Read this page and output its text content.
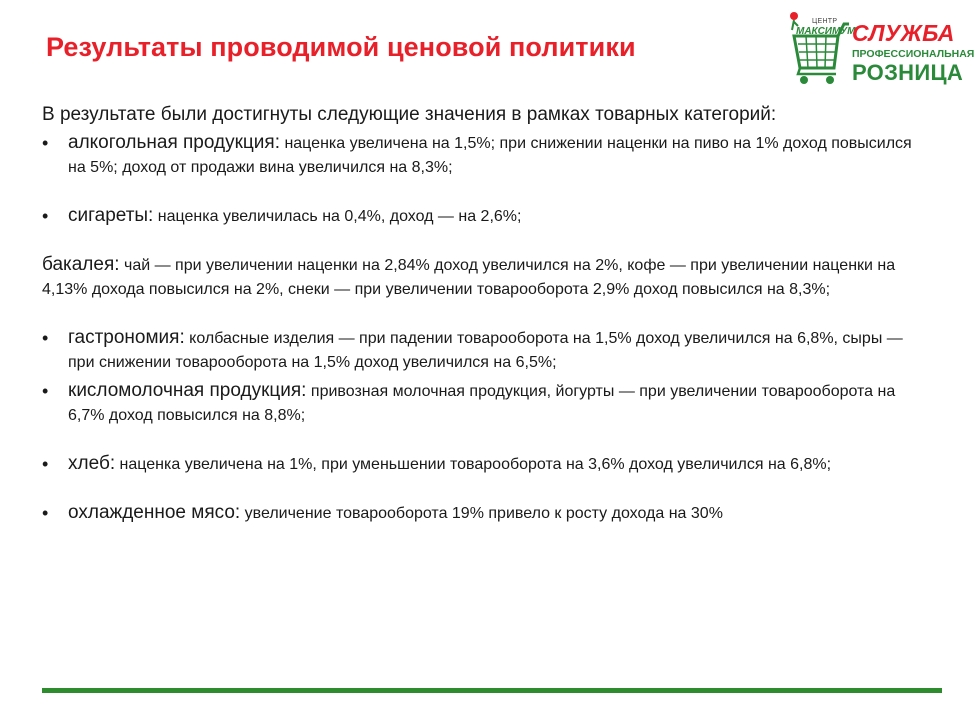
Результаты проводимой ценовой политики
ЦЕНТР
МАКСИМУМ
СЛУЖБА
ПРОФЕССИОНАЛЬНАЯ
РОЗНИЦА

В результате были достигнуты следующие значения в рамках товарных категорий:

• алкогольная продукция: наценка увеличена на 1,5%; при снижении наценки на пиво на 1% доход повысился на 5%; доход от продажи вина увеличился на 8,3%;
• сигареты: наценка увеличилась на 0,4%, доход — на 2,6%;
бакалея: чай — при увеличении наценки на 2,84% доход увеличился на 2%, кофе — при увеличении наценки на 4,13% дохода повысился на 2%, снеки — при увеличении товарооборота 2,9% доход повысился на 8,3%;
• гастрономия: колбасные изделия — при падении товарооборота на 1,5% доход увеличился на 6,8%, сыры — при снижении товарооборота на 1,5% доход увеличился на 6,5%;
• кисломолочная продукция: привозная молочная продукция, йогурты — при увеличении товарооборота на 6,7% доход повысился на 8,8%;
• хлеб: наценка увеличена на 1%, при уменьшении товарооборота на 3,6% доход увеличился на 6,8%;
• охлажденное мясо: увеличение товарооборота 19% привело к росту дохода на 30%
